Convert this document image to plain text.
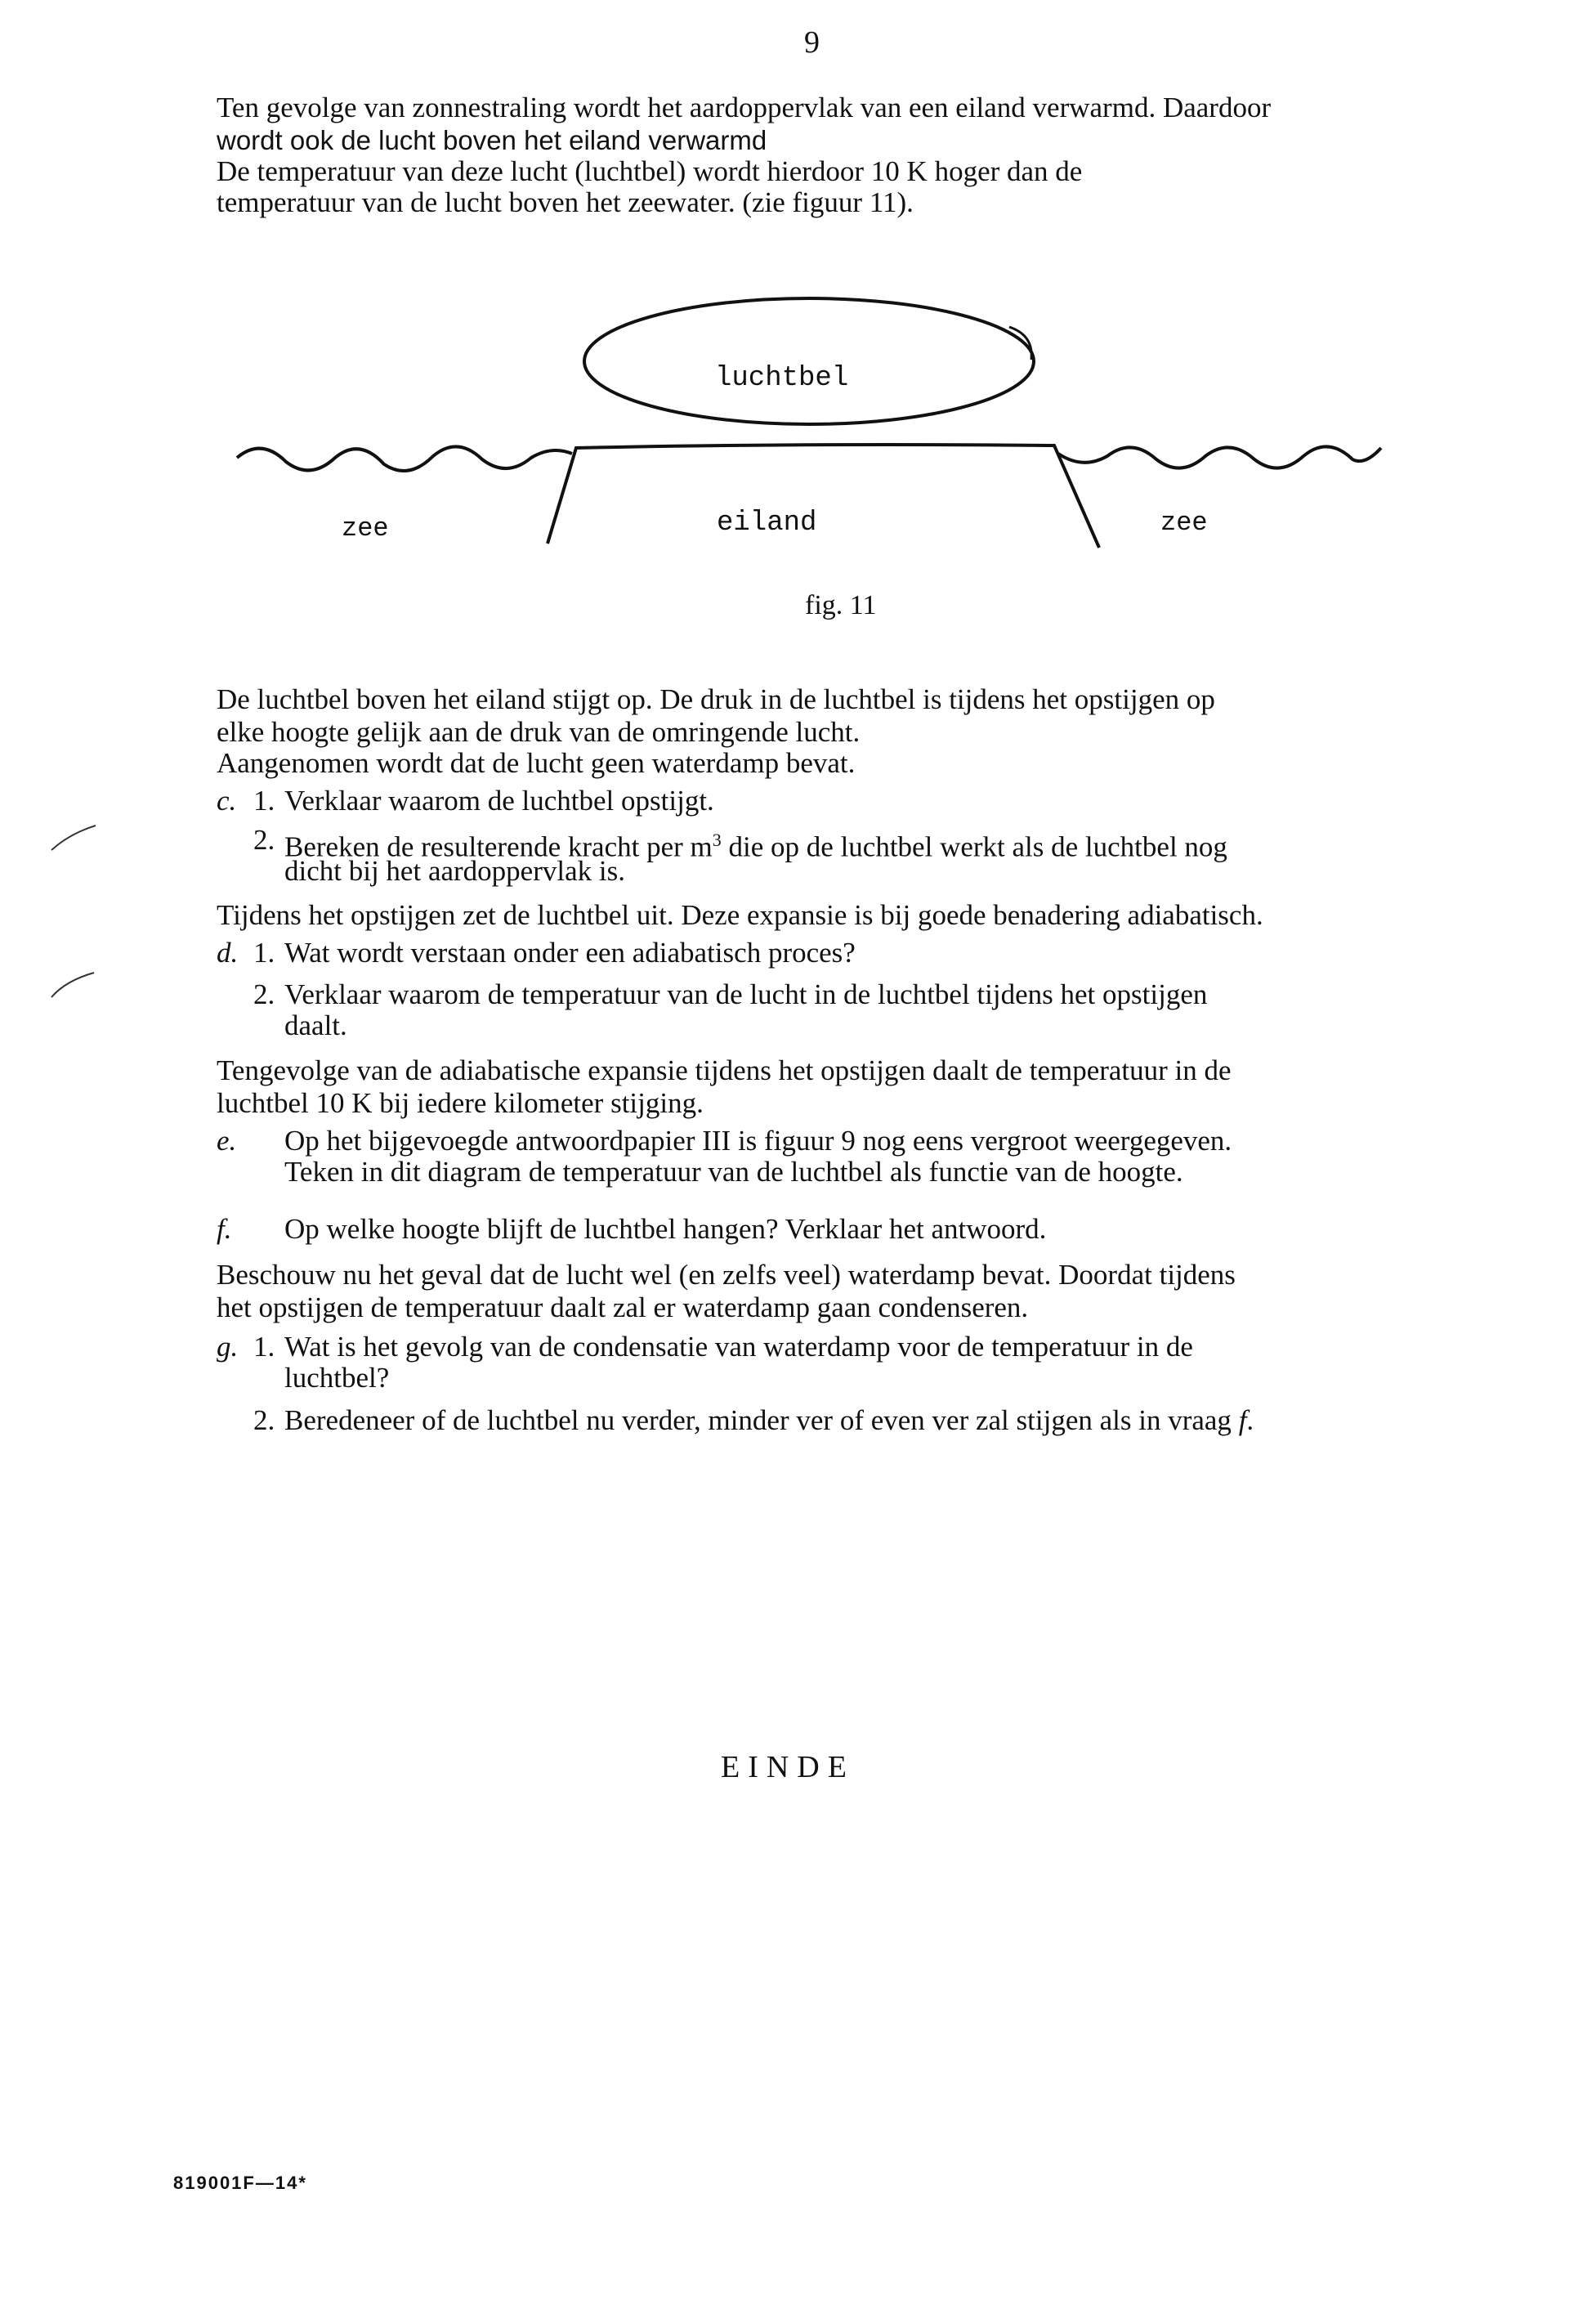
9
Ten gevolge van zonnestraling wordt het aardoppervlak van een eiland verwarmd. Daardoor
wordt ook de lucht boven het eiland verwarmd
De temperatuur van deze lucht (luchtbel) wordt hierdoor 10 K hoger dan de
temperatuur van de lucht boven het zeewater. (zie figuur 11).
luchtbel
zee	eiland	zee
fig. 11
De luchtbel boven het eiland stijgt op. De druk in de luchtbel is tijdens het opstijgen op
elke hoogte gelijk aan de druk van de omringende lucht.
Aangenomen wordt dat de lucht geen waterdamp bevat.
c. 1. Verklaar waarom de luchtbel opstijgt.
2. Bereken de resulterende kracht per $m^3$ die op de luchtbel werkt als de luchtbel nog
dicht bij het aardoppervlak is.
Tijdens het opstijgen zet de luchtbel uit. Deze expansie is bij goede benadering adiabatisch.
d. 1. Wat wordt verstaan onder een adiabatisch proces?
2. Verklaar waarom de temperatuur van de lucht in de luchtbel tijdens het opstijgen
daalt.
Tengevolge van de adiabatische expansie tijdens het opstijgen daalt de temperatuur in de
luchtbel 10 K bij iedere kilometer stijging.
e. Op het bijgevoegde antwoordpapier III is figuur 9 nog eens vergroot weergegeven.
Teken in dit diagram de temperatuur van de luchtbel als functie van de hoogte.
f. Op welke hoogte blijft de luchtbel hangen? Verklaar het antwoord.
Beschouw nu het geval dat de lucht wel (en zelfs veel) waterdamp bevat. Doordat tijdens
het opstijgen de temperatuur daalt zal er waterdamp gaan condenseren.
g. 1. Wat is het gevolg van de condensatie van waterdamp voor de temperatuur in de
luchtbel?
2. Beredeneer of de luchtbel nu verder, minder ver of even ver zal stijgen als in vraag f.
EINDE
819001F—14*
